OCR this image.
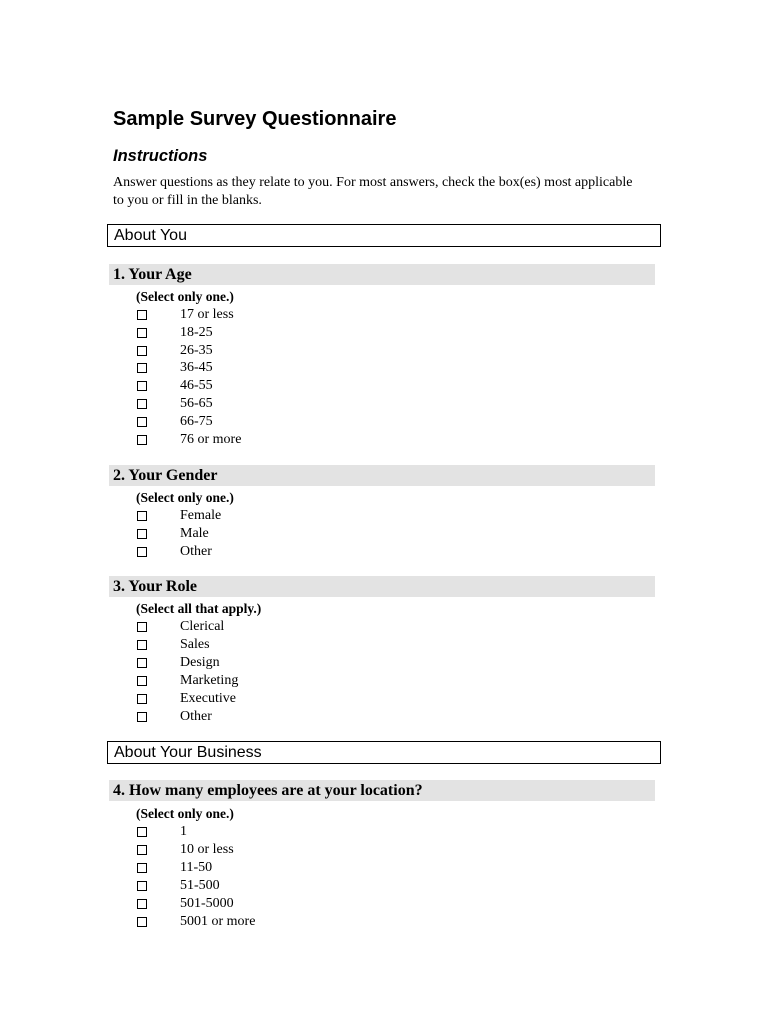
Sample Survey Questionnaire
Instructions

Answer questions as they relate to you. For most answers, check the box(es) most applicable to you or fill in the blanks.

About You
1. Your Age
(Select only one.)
17 or less
18-25
26-35
36-45
46-55
56-65
66-75
76 or more
2. Your Gender
(Select only one.)
Female
Male
Other
3. Your Role
(Select all that apply.)
Clerical
Sales
Design
Marketing
Executive
Other
About Your Business
4. How many employees are at your location?
(Select only one.)
1
10 or less
11-50
51-500
501-5000
5001 or more
